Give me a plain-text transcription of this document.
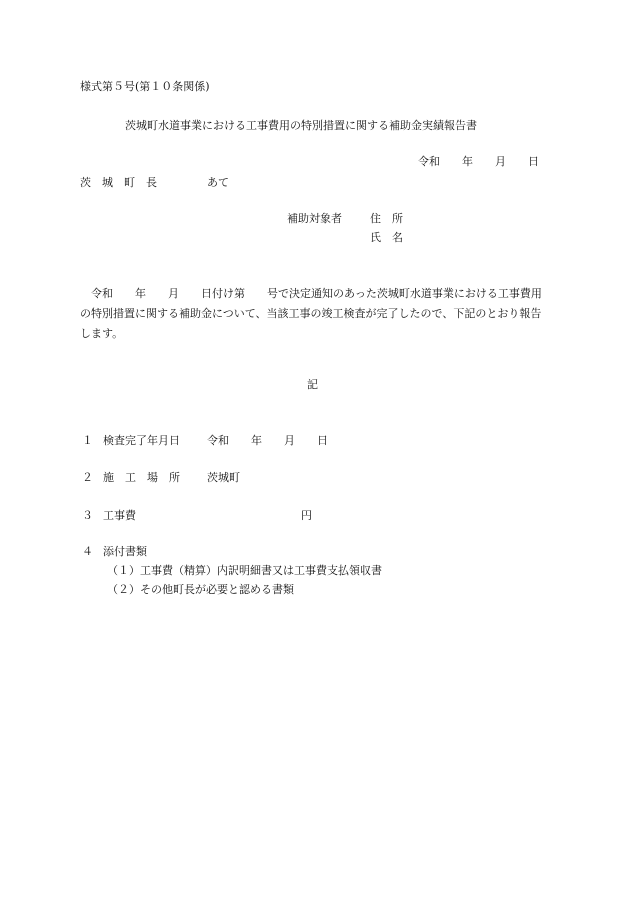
様式第５号(第１０条関係)
茨城町水道事業における工事費用の特別措置に関する補助金実績報告書
令和　　年　　月　　日
茨　城　町　長	あて
補助対象者	住　所
氏　名
　令和　　年　　月　　日付け第　　号で決定通知のあった茨城町水道事業における工事費用の特別措置に関する補助金について、当該工事の竣工検査が完了したので、下記のとおり報告します。
記
１ 検査完了年月日 令和　　年　　月　　日
２ 施　工　場　所 茨城町
３ 工事費	円
４ 添付書類
（１）工事費（精算）内訳明細書又は工事費支払領収書
（２）その他町長が必要と認める書類
